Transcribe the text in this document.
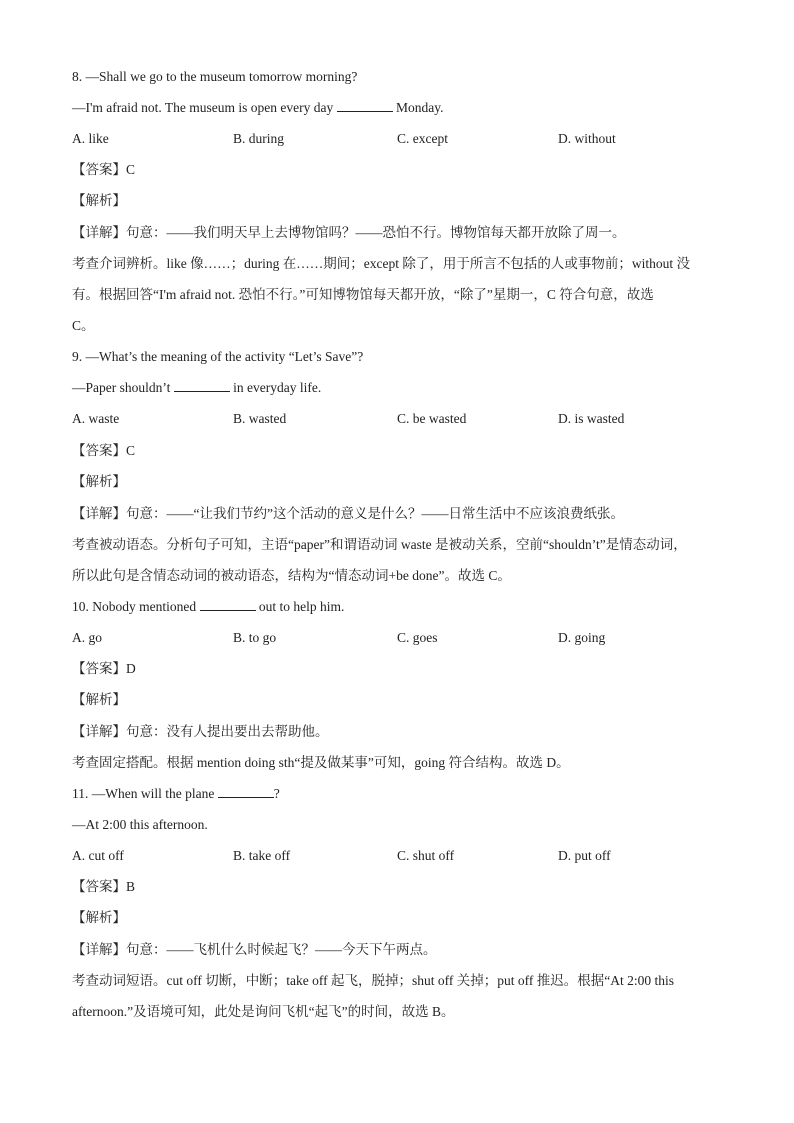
8. —Shall we go to the museum tomorrow morning?

—I'm afraid not. The museum is open every day	Monday.

A. like	B. during	C. except	D. without

【答案】C

【解析】

【详解】句意：——我们明天早上去博物馆吗？——恐怕不行。博物馆每天都开放除了周一。

考查介词辨析。like 像……；during 在……期间；except 除了，用于所言不包括的人或事物前；without 没

有。根据回答“I'm afraid not. 恐怕不行。”可知博物馆每天都开放，“除了”星期一，C 符合句意，故选

C。

9. —What’s the meaning of the activity “Let’s Save”?

—Paper shouldn’t	in everyday life.

A. waste	B. wasted	C. be wasted	D. is wasted

【答案】C

【解析】

【详解】句意：——“让我们节约”这个活动的意义是什么？——日常生活中不应该浪费纸张。

考查被动语态。分析句子可知，主语“paper”和谓语动词 waste 是被动关系，空前“shouldn’t”是情态动词，

所以此句是含情态动词的被动语态，结构为“情态动词+be done”。故选 C。

10. Nobody mentioned	out to help him.

A. go	B. to go	C. goes	D. going

【答案】D

【解析】

【详解】句意：没有人提出要出去帮助他。

考查固定搭配。根据 mention doing sth“提及做某事”可知，going 符合结构。故选 D。

11. —When will the plane	?

—At 2:00 this afternoon.

A. cut off	B. take off	C. shut off	D. put off

【答案】B

【解析】

【详解】句意：——飞机什么时候起飞？——今天下午两点。

考查动词短语。cut off 切断，中断；take off 起飞，脱掉；shut off 关掉；put off 推迟。根据“At 2:00 this

afternoon.”及语境可知，此处是询问飞机“起飞”的时间，故选 B。
